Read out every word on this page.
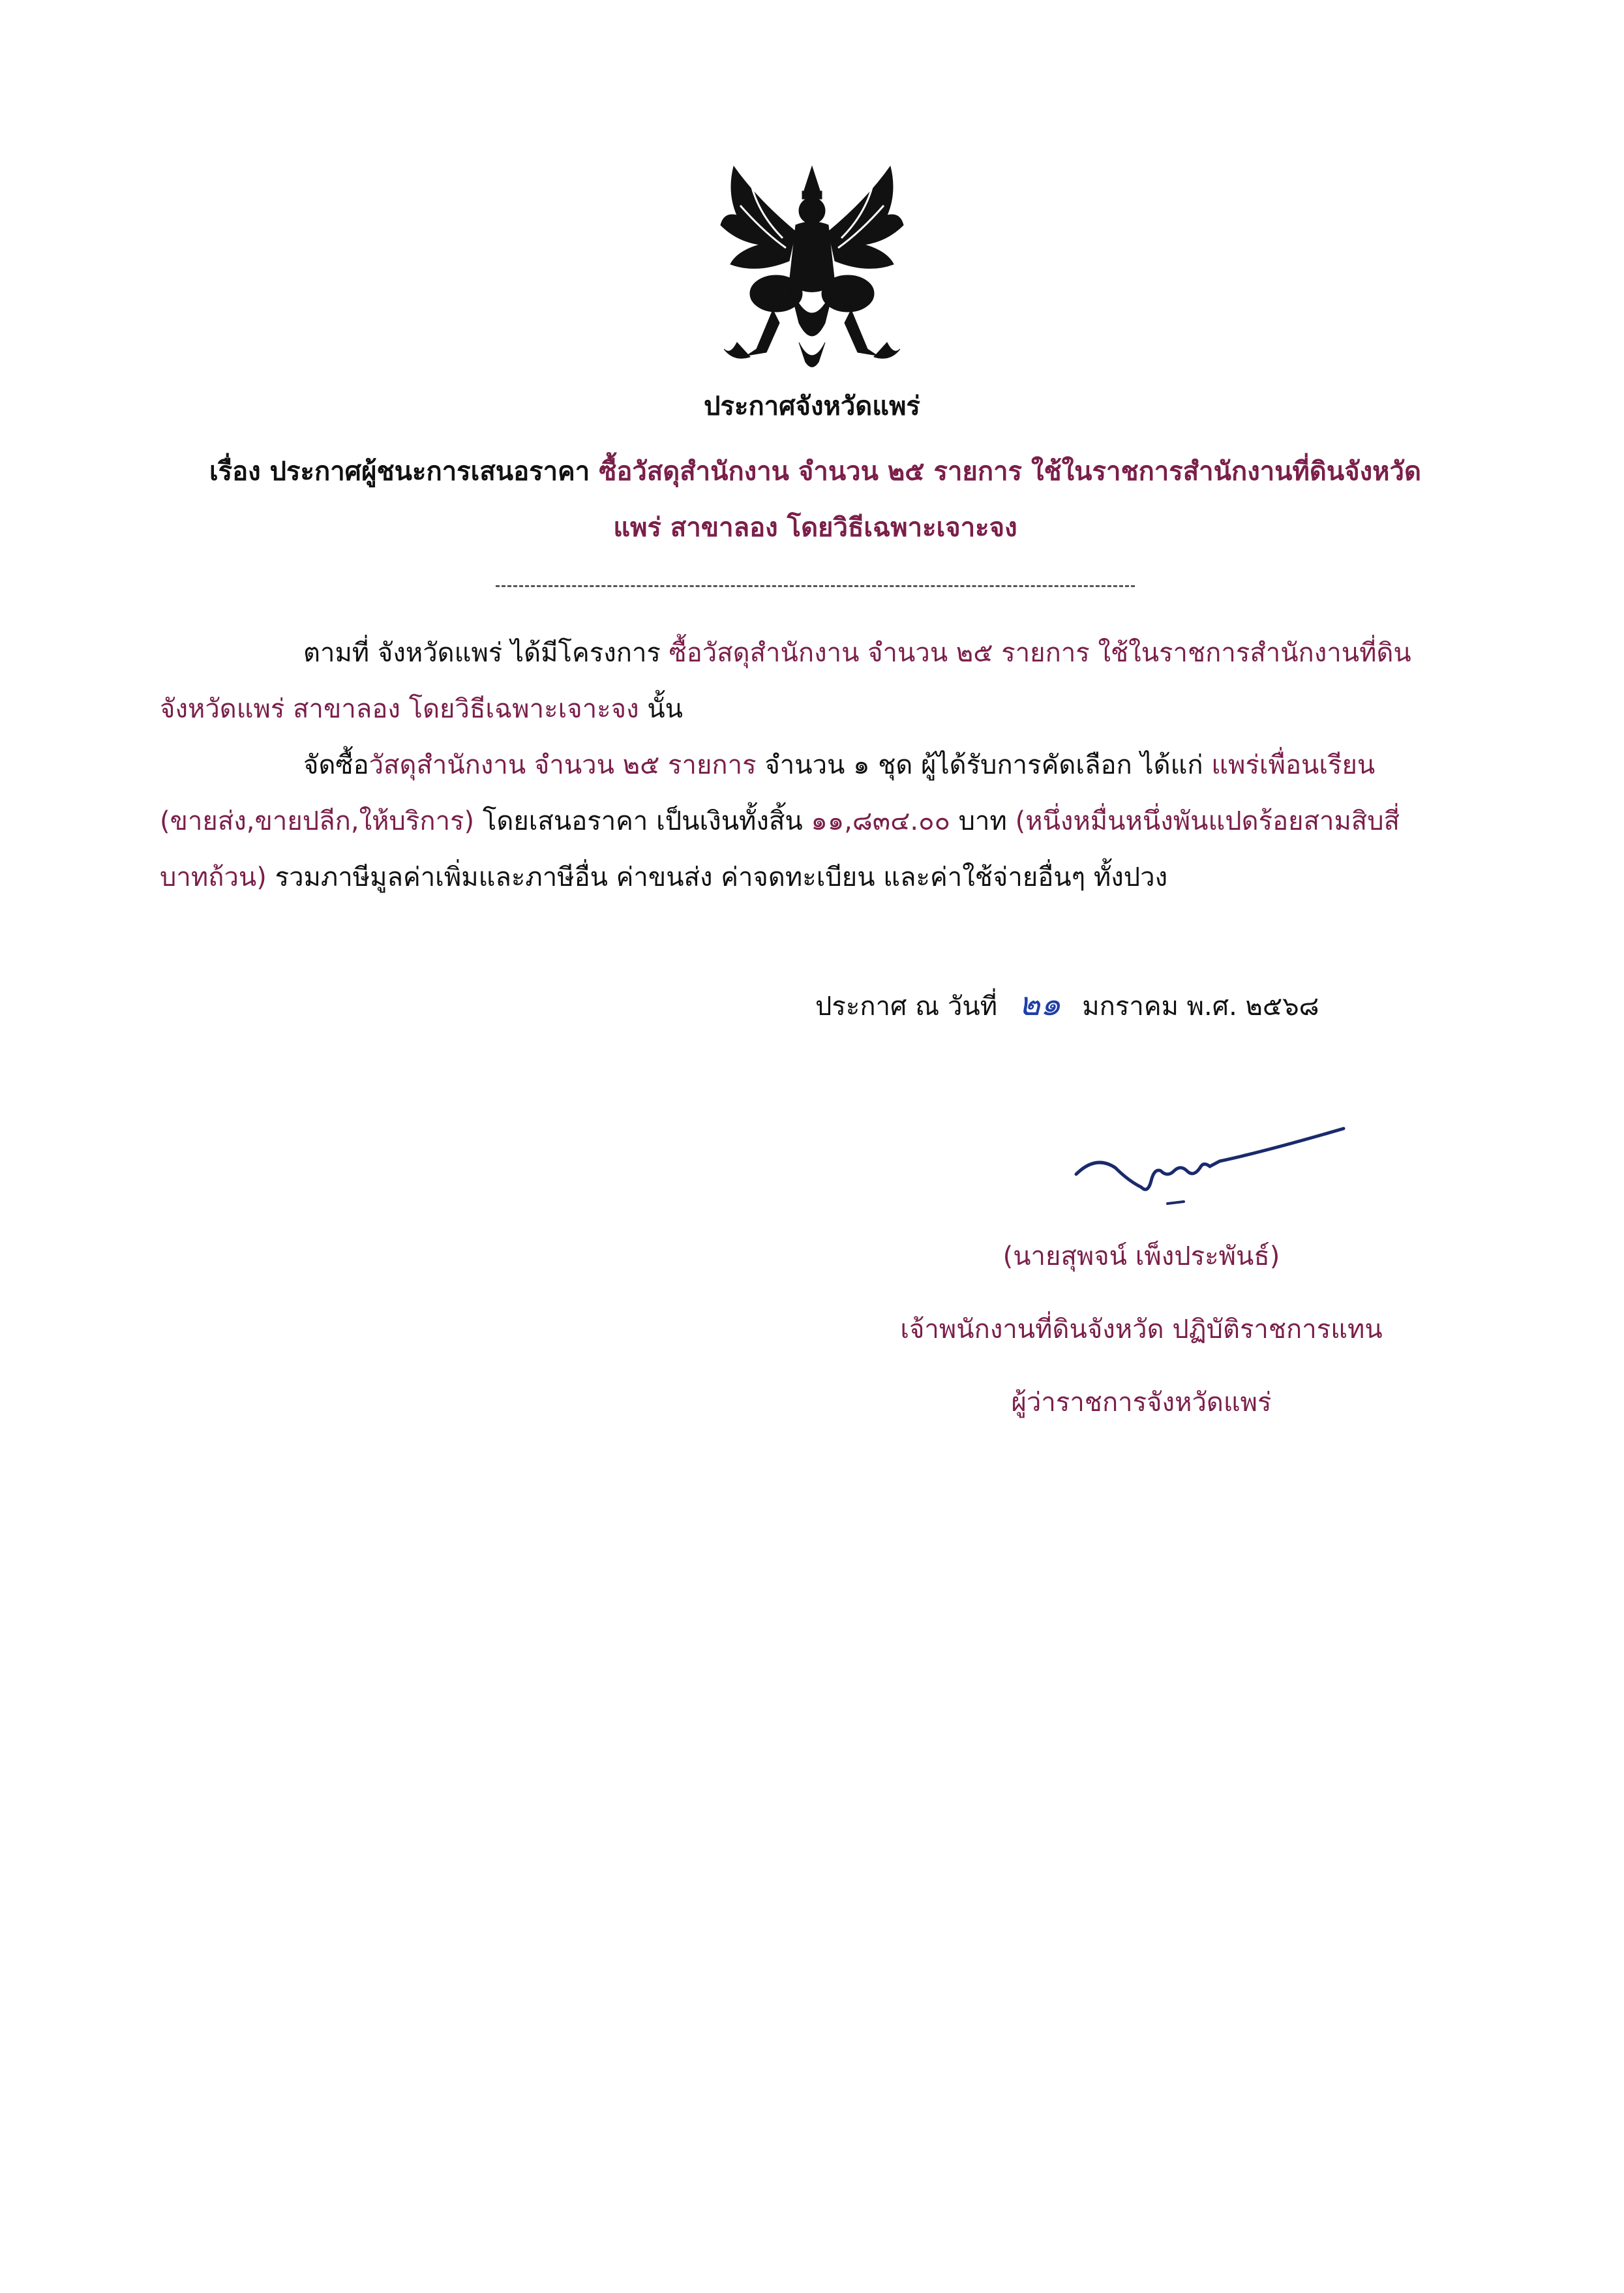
ประกาศจังหวัดแพร่
เรื่อง ประกาศผู้ชนะการเสนอราคา ซื้อวัสดุสำนักงาน จำนวน ๒๕ รายการ ใช้ในราชการสำนักงานที่ดินจังหวัด
แพร่ สาขาลอง โดยวิธีเฉพาะเจาะจง
ตามที่ จังหวัดแพร่ ได้มีโครงการ ซื้อวัสดุสำนักงาน จำนวน ๒๕ รายการ ใช้ในราชการสำนักงานที่ดิน
จังหวัดแพร่ สาขาลอง โดยวิธีเฉพาะเจาะจง นั้น
จัดซื้อวัสดุสำนักงาน จำนวน ๒๕ รายการ จำนวน ๑ ชุด ผู้ได้รับการคัดเลือก ได้แก่ แพร่เพื่อนเรียน
(ขายส่ง,ขายปลีก,ให้บริการ) โดยเสนอราคา เป็นเงินทั้งสิ้น ๑๑,๘๓๔.๐๐ บาท (หนึ่งหมื่นหนึ่งพันแปดร้อยสามสิบสี่
บาทถ้วน) รวมภาษีมูลค่าเพิ่มและภาษีอื่น ค่าขนส่ง ค่าจดทะเบียน และค่าใช้จ่ายอื่นๆ ทั้งปวง
ประกาศ ณ วันที่ ๒๑ มกราคม พ.ศ. ๒๕๖๘
(นายสุพจน์ เพ็งประพันธ์)
เจ้าพนักงานที่ดินจังหวัด ปฏิบัติราชการแทน
ผู้ว่าราชการจังหวัดแพร่
